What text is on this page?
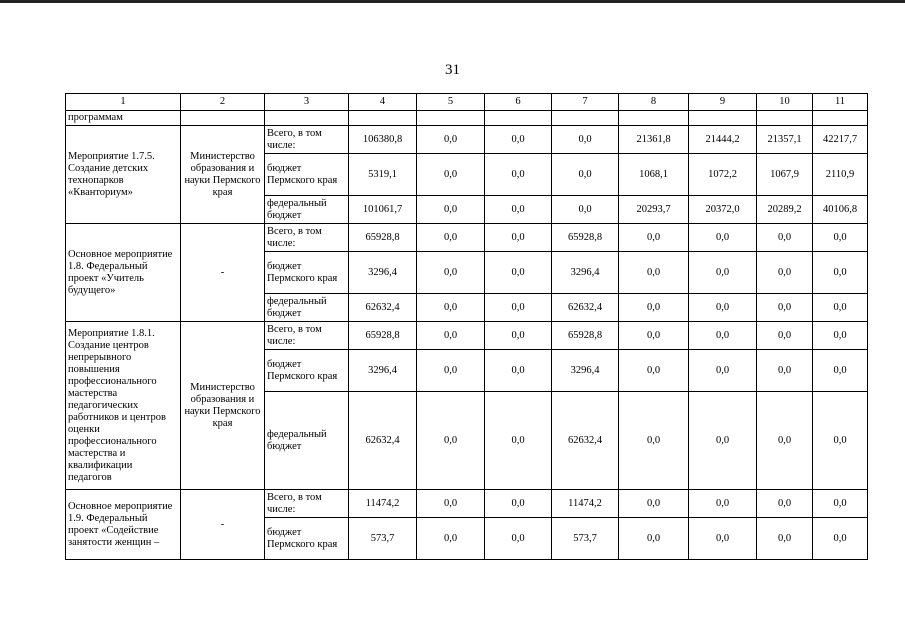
31
1	2	3	4	5	6	7	8	9	10	11
программам										
Мероприятие 1.7.5. Создание детских технопарков «Кванториум»	Министерство образования и науки Пермского края	Всего, в том числе:	106380,8	0,0	0,0	0,0	21361,8	21444,2	21357,1	42217,7
		бюджет Пермского края	5319,1	0,0	0,0	0,0	1068,1	1072,2	1067,9	2110,9
		федеральный бюджет	101061,7	0,0	0,0	0,0	20293,7	20372,0	20289,2	40106,8
Основное мероприятие 1.8. Федеральный проект «Учитель будущего»	-	Всего, в том числе:	65928,8	0,0	0,0	65928,8	0,0	0,0	0,0	0,0
		бюджет Пермского края	3296,4	0,0	0,0	3296,4	0,0	0,0	0,0	0,0
		федеральный бюджет	62632,4	0,0	0,0	62632,4	0,0	0,0	0,0	0,0
Мероприятие 1.8.1. Создание центров непрерывного повышения профессионального мастерства педагогических работников и центров оценки профессионального мастерства и квалификации педагогов	Министерство образования и науки Пермского края	Всего, в том числе:	65928,8	0,0	0,0	65928,8	0,0	0,0	0,0	0,0
		бюджет Пермского края	3296,4	0,0	0,0	3296,4	0,0	0,0	0,0	0,0
		федеральный бюджет	62632,4	0,0	0,0	62632,4	0,0	0,0	0,0	0,0
Основное мероприятие 1.9. Федеральный проект «Содействие занятости женщин –	-	Всего, в том числе:	11474,2	0,0	0,0	11474,2	0,0	0,0	0,0	0,0
		бюджет Пермского края	573,7	0,0	0,0	573,7	0,0	0,0	0,0	0,0
